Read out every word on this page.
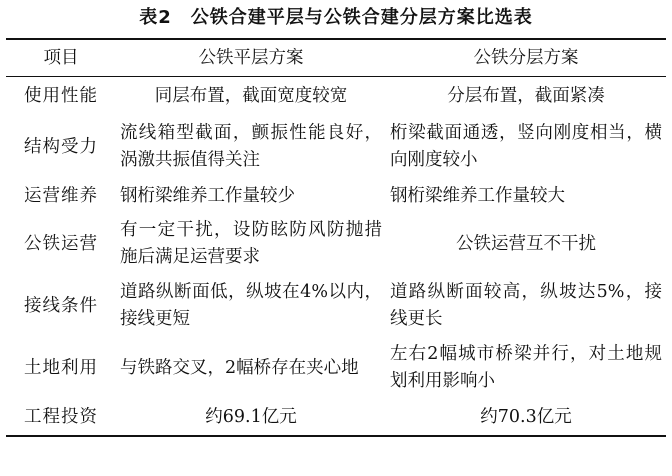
表2　公铁合建平层与公铁合建分层方案比选表
项目	公铁平层方案	公铁分层方案
使用性能	同层布置，截面宽度较宽	分层布置，截面紧凑
结构受力	流线箱型截面，颤振性能良好，涡激共振值得关注	桁梁截面通透，竖向刚度相当，横向刚度较小
运营维养	钢桁梁维养工作量较少	钢桁梁维养工作量较大
公铁运营	有一定干扰，设防眩防风防抛措施后满足运营要求	公铁运营互不干扰
接线条件	道路纵断面低，纵坡在4%以内，接线更短	道路纵断面较高，纵坡达5%，接线更长
土地利用	与铁路交叉，2幅桥存在夹心地	左右2幅城市桥梁并行，对土地规划利用影响小
工程投资	约69.1亿元	约70.3亿元
